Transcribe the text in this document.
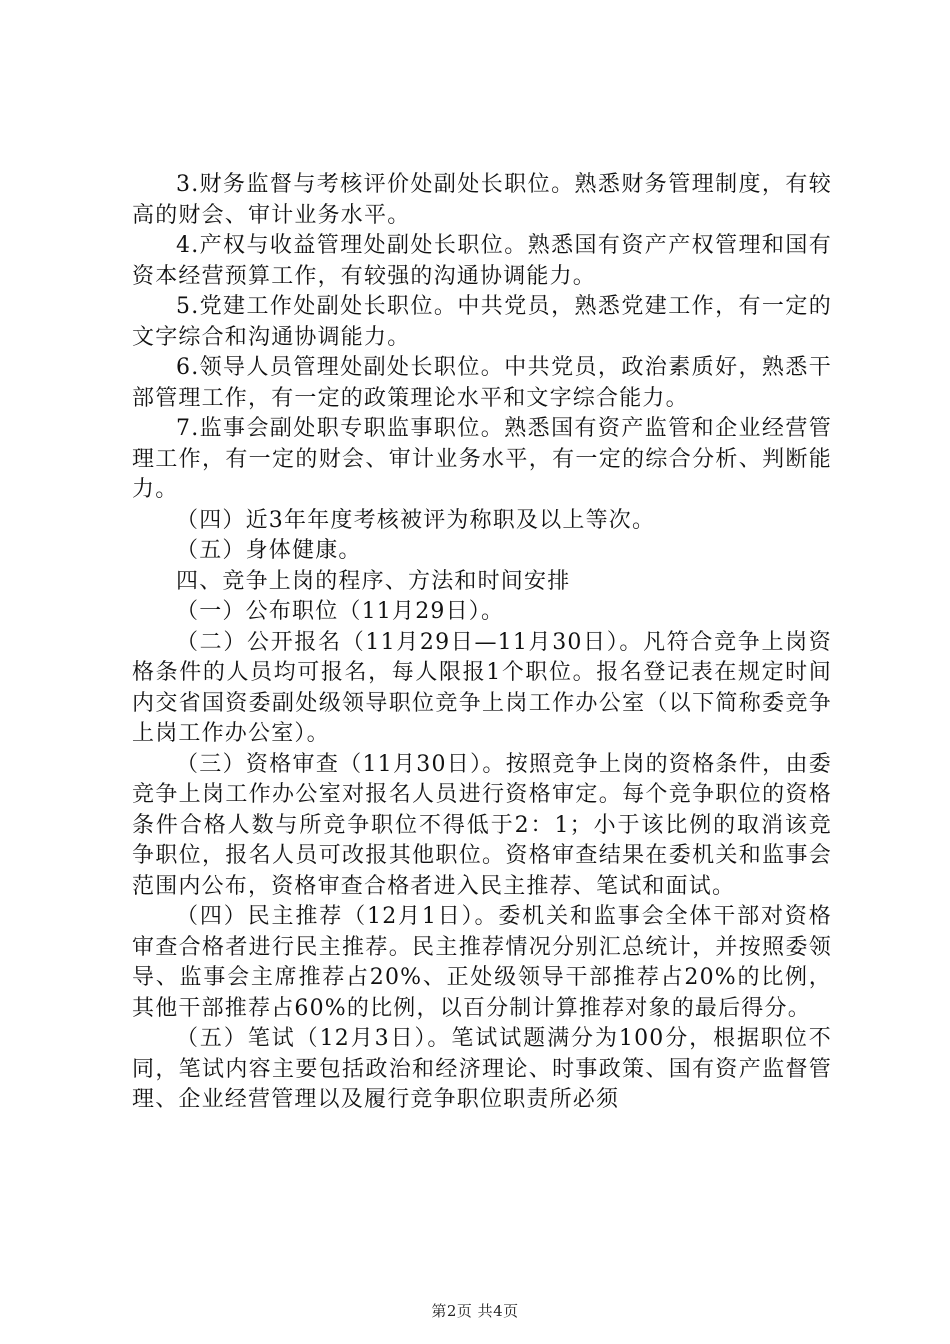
3.财务监督与考核评价处副处长职位。熟悉财务管理制度，有较高的财会、审计业务水平。

4.产权与收益管理处副处长职位。熟悉国有资产产权管理和国有资本经营预算工作，有较强的沟通协调能力。

5.党建工作处副处长职位。中共党员，熟悉党建工作，有一定的文字综合和沟通协调能力。

6.领导人员管理处副处长职位。中共党员，政治素质好，熟悉干部管理工作，有一定的政策理论水平和文字综合能力。

7.监事会副处职专职监事职位。熟悉国有资产监管和企业经营管理工作，有一定的财会、审计业务水平，有一定的综合分析、判断能力。

（四）近3年年度考核被评为称职及以上等次。

（五）身体健康。

四、竞争上岗的程序、方法和时间安排

（一）公布职位（11月29日）。

（二）公开报名（11月29日—11月30日）。凡符合竞争上岗资格条件的人员均可报名，每人限报1个职位。报名登记表在规定时间内交省国资委副处级领导职位竞争上岗工作办公室（以下简称委竞争上岗工作办公室）。

（三）资格审查（11月30日）。按照竞争上岗的资格条件，由委竞争上岗工作办公室对报名人员进行资格审定。每个竞争职位的资格条件合格人数与所竞争职位不得低于2：1；小于该比例的取消该竞争职位，报名人员可改报其他职位。资格审查结果在委机关和监事会范围内公布，资格审查合格者进入民主推荐、笔试和面试。

（四）民主推荐（12月1日）。委机关和监事会全体干部对资格审查合格者进行民主推荐。民主推荐情况分别汇总统计，并按照委领导、监事会主席推荐占20%、正处级领导干部推荐占20%的比例，其他干部推荐占60%的比例，以百分制计算推荐对象的最后得分。

（五）笔试（12月3日）。笔试试题满分为100分，根据职位不同，笔试内容主要包括政治和经济理论、时事政策、国有资产监督管理、企业经营管理以及履行竞争职位职责所必须

第2页 共4页
